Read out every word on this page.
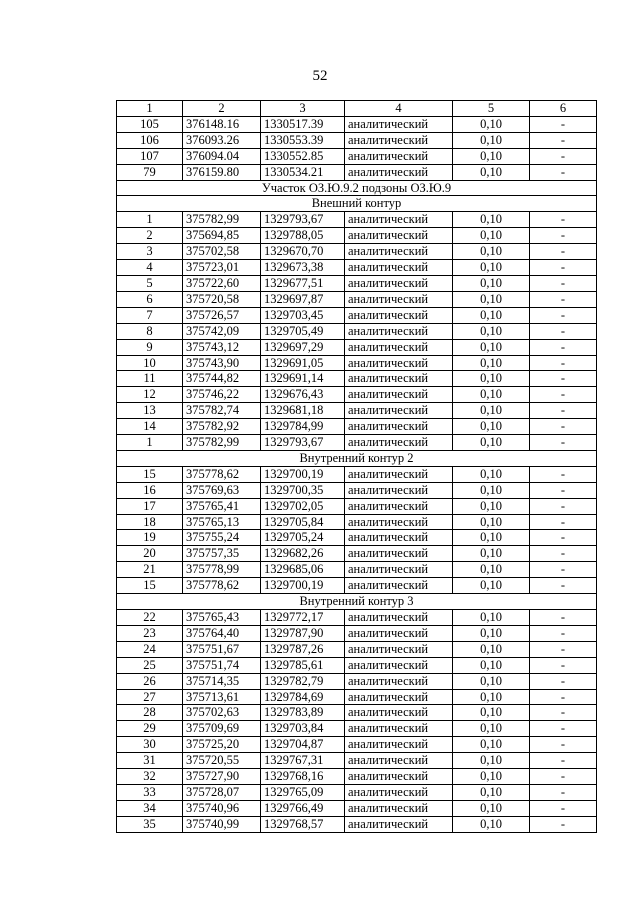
52
1	2	3	4	5	6
105	376148.16	1330517.39	аналитический	0,10	-
106	376093.26	1330553.39	аналитический	0,10	-
107	376094.04	1330552.85	аналитический	0,10	-
79	376159.80	1330534.21	аналитический	0,10	-
Участок ОЗ.Ю.9.2 подзоны ОЗ.Ю.9					
Внешний контур					
1	375782,99	1329793,67	аналитический	0,10	-
2	375694,85	1329788,05	аналитический	0,10	-
3	375702,58	1329670,70	аналитический	0,10	-
4	375723,01	1329673,38	аналитический	0,10	-
5	375722,60	1329677,51	аналитический	0,10	-
6	375720,58	1329697,87	аналитический	0,10	-
7	375726,57	1329703,45	аналитический	0,10	-
8	375742,09	1329705,49	аналитический	0,10	-
9	375743,12	1329697,29	аналитический	0,10	-
10	375743,90	1329691,05	аналитический	0,10	-
11	375744,82	1329691,14	аналитический	0,10	-
12	375746,22	1329676,43	аналитический	0,10	-
13	375782,74	1329681,18	аналитический	0,10	-
14	375782,92	1329784,99	аналитический	0,10	-
1	375782,99	1329793,67	аналитический	0,10	-
Внутренний контур 2					
15	375778,62	1329700,19	аналитический	0,10	-
16	375769,63	1329700,35	аналитический	0,10	-
17	375765,41	1329702,05	аналитический	0,10	-
18	375765,13	1329705,84	аналитический	0,10	-
19	375755,24	1329705,24	аналитический	0,10	-
20	375757,35	1329682,26	аналитический	0,10	-
21	375778,99	1329685,06	аналитический	0,10	-
15	375778,62	1329700,19	аналитический	0,10	-
Внутренний контур 3					
22	375765,43	1329772,17	аналитический	0,10	-
23	375764,40	1329787,90	аналитический	0,10	-
24	375751,67	1329787,26	аналитический	0,10	-
25	375751,74	1329785,61	аналитический	0,10	-
26	375714,35	1329782,79	аналитический	0,10	-
27	375713,61	1329784,69	аналитический	0,10	-
28	375702,63	1329783,89	аналитический	0,10	-
29	375709,69	1329703,84	аналитический	0,10	-
30	375725,20	1329704,87	аналитический	0,10	-
31	375720,55	1329767,31	аналитический	0,10	-
32	375727,90	1329768,16	аналитический	0,10	-
33	375728,07	1329765,09	аналитический	0,10	-
34	375740,96	1329766,49	аналитический	0,10	-
35	375740,99	1329768,57	аналитический	0,10	-
